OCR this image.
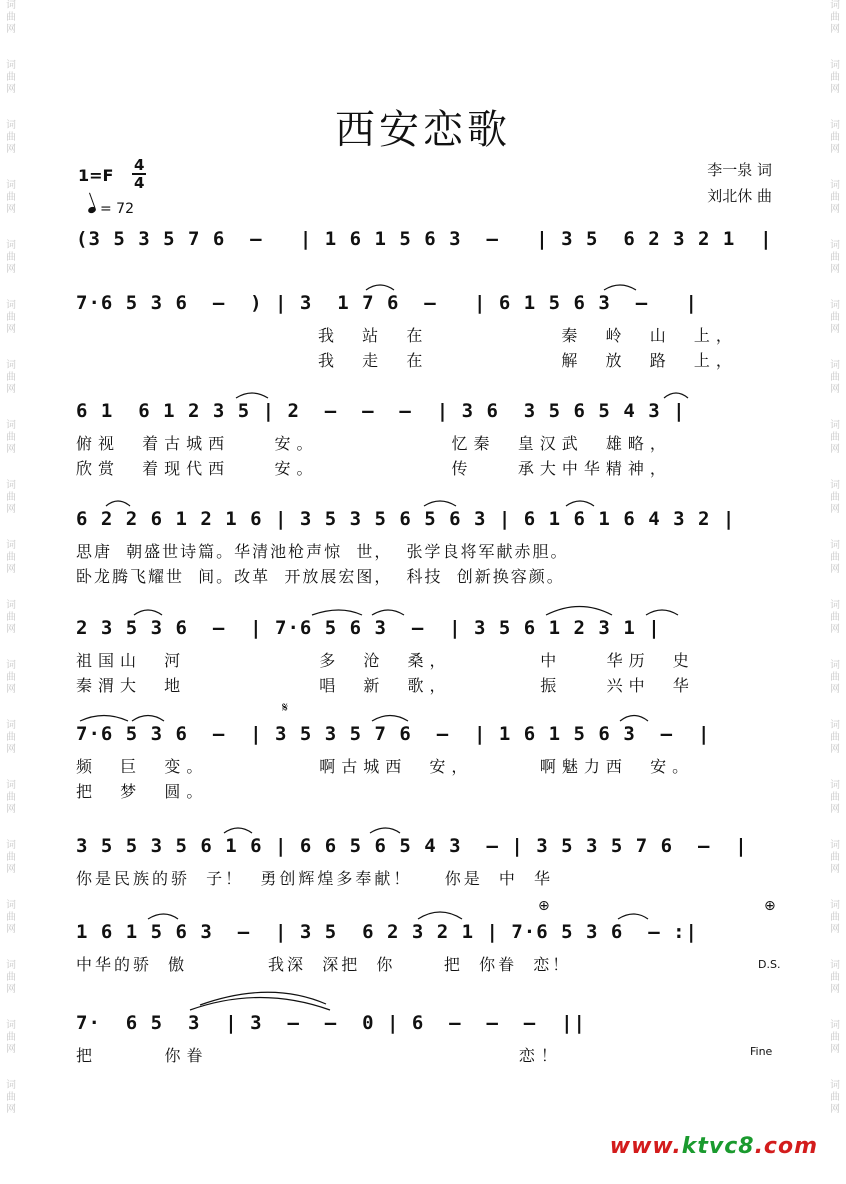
词曲网
词曲网
词曲网
词曲网
词曲网
词曲网
词曲网
词曲网
词曲网
词曲网
词曲网
词曲网
词曲网
词曲网
词曲网
词曲网
词曲网
词曲网
词曲网
词曲网
词曲网
词曲网
词曲网
词曲网
词曲网
词曲网
词曲网
词曲网
词曲网
词曲网
词曲网
词曲网
词曲网
词曲网
词曲网
词曲网
词曲网
词曲网
西安恋歌
1=F
4
4
= 72
李一泉 词
刘北休 曲
(3 5 3 5 7 6  —   | 1 6 1 5 6 3  —   | 3 5  6 2 3 2 1  |
7·6 5 3 6  —  ) | 3  1 7 6  —   | 6 1 5 6 3  —   |
我  站  在            秦  岭  山  上，
我  走  在            解  放  路  上，
6 1  6 1 2 3 5 | 2  —  —  —  | 3 6  3 5 6 5 4 3 |
俯视  着古城西    安。            忆秦  皇汉武  雄略，
欣赏  着现代西    安。            传    承大中华精神，
6 2 2 6 1 2 1 6 | 3 5 3 5 6 5 6 3 | 6 1 6 1 6 4 3 2 |
思唐  朝盛世诗篇。华清池枪声惊  世，  张学良将军献赤胆。
卧龙腾飞耀世  间。改革  开放展宏图，  科技  创新换容颜。
2 3 5 3 6  —  | 7·6 5 6 3  —  | 3 5 6 1 2 3 1 |
祖国山  河            多  沧  桑，        中    华历  史
秦渭大  地            唱  新  歌，        振    兴中  华
𝄋
7·6 5 3 6  —  | 3 5 3 5 7 6  —  | 1 6 1 5 6 3  —  |
频  巨  变。          啊古城西  安，      啊魅力西  安。
把  梦  圆。
3 5 5 3 5 6 1 6 | 6 6 5 6 5 4 3  — | 3 5 3 5 7 6  —  |
你是民族的骄  子！  勇创辉煌多奉献！    你是  中  华
⊕	⊕
1 6 1 5 6 3  —  | 3 5  6 2 3 2 1 | 7·6 5 3 6  — :|
中华的骄  傲          我深  深把  你      把  你眷  恋！	D.S.
7·  6 5  3  | 3  —  —  0 | 6  —  —  —  ||
把      你眷                            恋！	Fine
www.ktvc8.com
